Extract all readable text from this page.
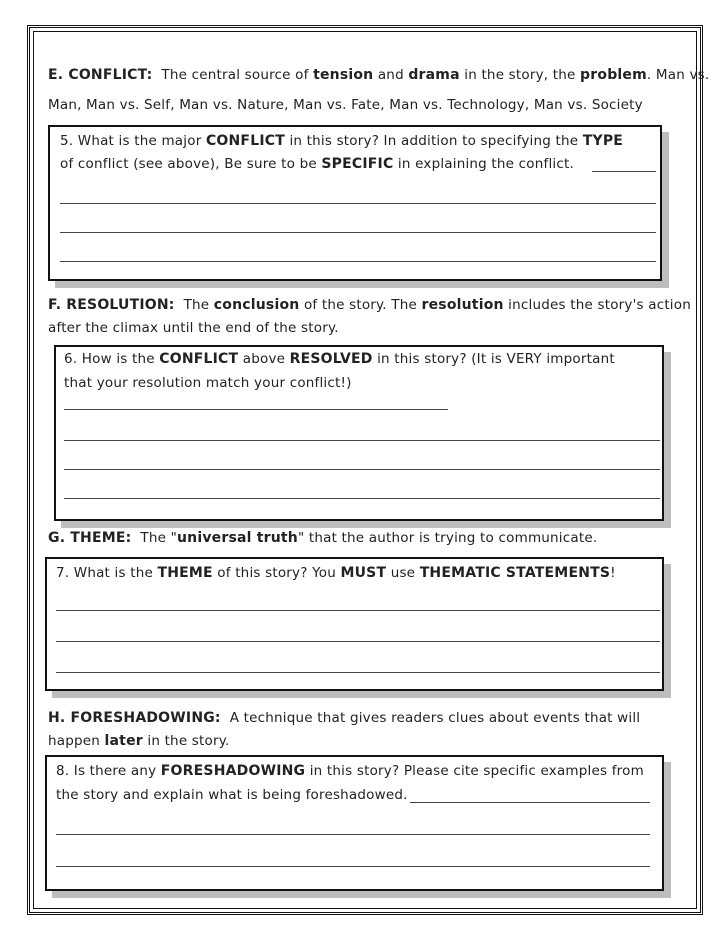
E. CONFLICT: The central source of tension and drama in the story, the problem. Man vs.
Man, Man vs. Self, Man vs. Nature, Man vs. Fate, Man vs. Technology, Man vs. Society
5. What is the major CONFLICT in this story? In addition to specifying the TYPE
of conflict (see above), Be sure to be SPECIFIC in explaining the conflict.
F. RESOLUTION: The conclusion of the story. The resolution includes the story's action
after the climax until the end of the story.
6. How is the CONFLICT above RESOLVED in this story? (It is VERY important
that your resolution match your conflict!)
G. THEME: The "universal truth" that the author is trying to communicate.
7. What is the THEME of this story? You MUST use THEMATIC STATEMENTS!
H. FORESHADOWING: A technique that gives readers clues about events that will
happen later in the story.
8. Is there any FORESHADOWING in this story? Please cite specific examples from
the story and explain what is being foreshadowed.
